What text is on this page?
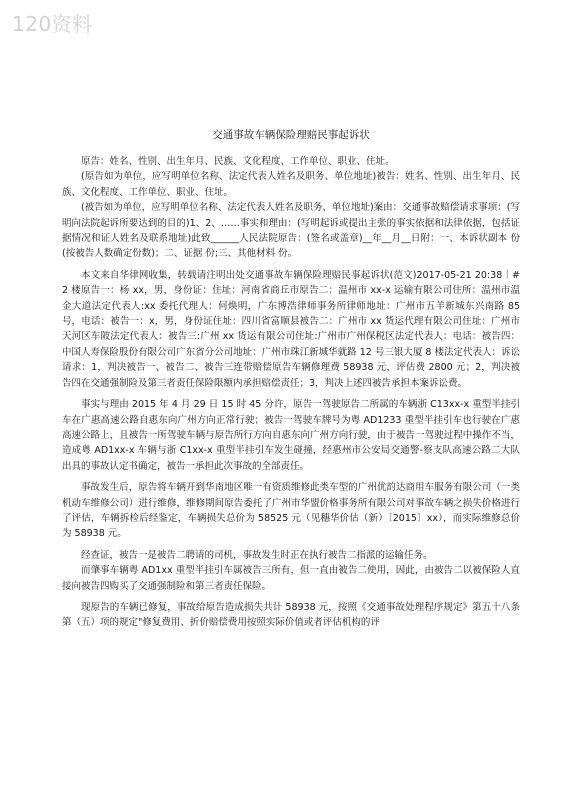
120资料
交通事故车辆保险理赔民事起诉状

原告：姓名、性别、出生年月、民族、文化程度、工作单位、职业、住址。

(原告如为单位，应写明单位名称、法定代表人姓名及职务、单位地址)被告：姓名、性别、出生年月、民族、文化程度、工作单位、职业、住址。

(被告如为单位，应写明单位名称、法定代表人姓名及职务、单位地址)案由：交通事故赔偿请求事项：(写明向法院起诉所要达到的目的)1、2、……事实和理由：(写明起诉或提出主张的事实依据和法律依据，包括证据情况和证人姓名及联系地址)此致______人民法院原告：(签名或盖章)__年__月__日附：一、本诉状副本 份(按被告人数确定份数)；二、证据 份;三、其他材料 份。

本文来自华律网收集，转载请注明出处交通事故车辆保险理赔民事起诉状(范文)2017-05-21 20:38｜#2 楼原告一：杨 xx，男，身份证：住址：河南省商丘市原告二：温州市 xx-x 运输有限公司住所：温州市温金大道法定代表人:xx 委托代理人：何焕明，广东博浩律师事务所律师地址：广州市五羊新城东兴南路 85 号，电话：被告一：x，男，身份证住址：四川省富顺县被告二：广州市 xx 货运代理有限公司住址：广州市天河区车陂法定代表人：被告三:广州 xx 货运有限公司住址:广州市广州保税区法定代表人：电话：被告四：中国人寿保险股份有限公司广东省分公司地址：广州市珠江新城华就路 12 号三银大厦 8 楼法定代表人：诉讼请求：1，判决被告一、被告二、被告三连带赔偿原告车辆修理费 58938 元，评估费 2800 元；2，判决被告四在交通强制险及第三者责任保险限额内承担赔偿责任；3，判决上述四被告承担本案诉讼费。

事实与理由 2015 年 4 月 29 日 15 时 45 分许，原告一驾驶原告二所属的车辆浙 C13xx-x 重型半挂引车在广惠高速公路自惠东向广州方向正常行驶；被告一驾驶车牌号为粤 AD1233 重型半挂引车也行驶在广惠高速公路上，且被告一所驾驶车辆与原告所行方向自惠东向广州方向行驶，由于被告一驾驶过程中操作不当，造成粤 AD1xx-x 车辆与浙 C1xx-x 重型半挂引车发生碰撞，经惠州市公安局交通警-察支队高速公路二大队出具的事故认定书确定，被告一承担此次事故的全部责任。

事故发生后，原告将车辆开到华南地区唯一有资质维修此类车型的广州优䪨达商用车服务有限公司（一类机动车维修公司）进行维修，维修期间原告委托了广州市华盟价格事务所有限公司对事故车辆之损失价格进行了评估，车辆拆检后经鉴定，车辆损失总价为 58525 元（见穗华价估（新）〔2015〕xx），而实际维修总价为 58938 元。

经查证，被告一是被告二聘请的司机，事故发生时正在执行被告二指派的运输任务。

而肇事车辆粤 AD1xx 重型半挂引车属被告三所有，但一直由被告二使用，因此，由被告二以被保险人直接向被告四购买了交通强制险和第三者责任保险。

现原告的车辆已修复，事故给原告造成损失共计 58938 元，按照《交通事故处理程序规定》第五十八条第（五）项的规定"修复费用、折价赔偿费用按照实际价值或者评估机构的评
